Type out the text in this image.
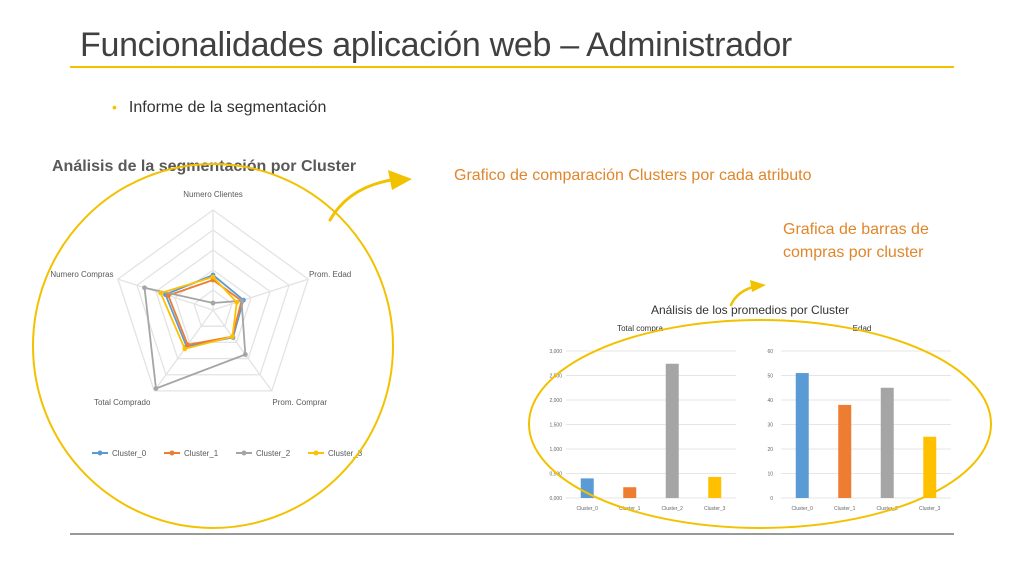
Funcionalidades aplicación web – Administrador
• Informe de la segmentación
Análisis de la segmentación por Cluster
Numero Clientes
Prom. Edad
Prom. Comprar
Total Comprado
Numero Compras
Cluster_0	Cluster_1	Cluster_2	Cluster_3
Análisis de los promedios por Cluster
Total compra
0,000
0,500
1,000
1,500
2,000
2,500
3,000
Cluster_0	Cluster_1	Cluster_2	Cluster_3
Edad
0
10
20
30
40
50
60
Cluster_0	Cluster_1	Cluster_2	Cluster_3
Grafico de comparación Clusters por cada atributo
Grafica de barras de compras por cluster
